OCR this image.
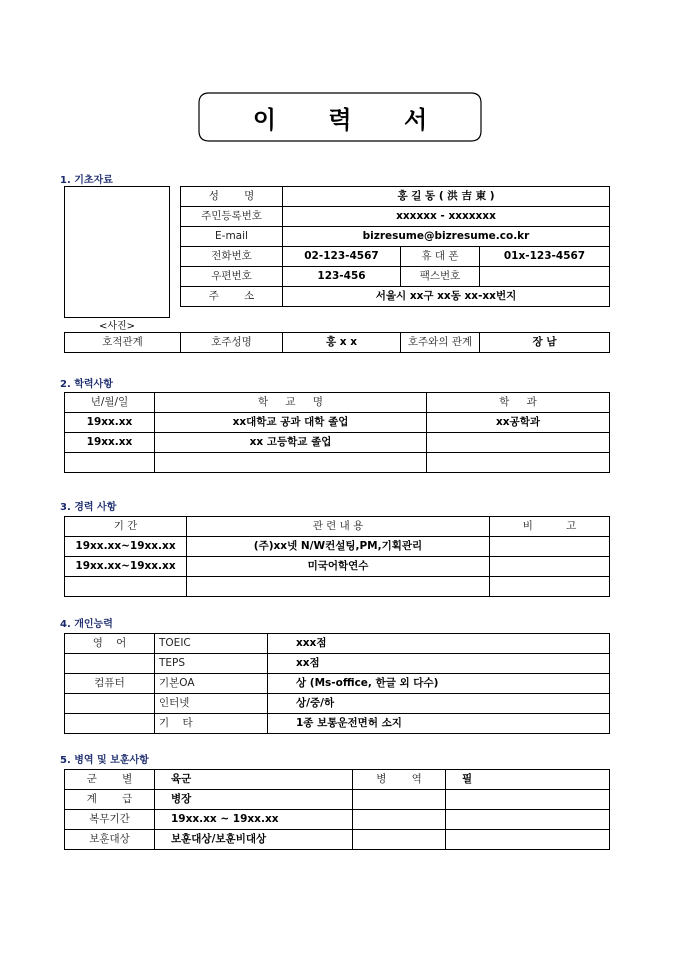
이 력 서
1. 기초자료
<사진>
성 명	홍 길 동 ( 洪 吉 東 )		
주민등록번호	xxxxxx - xxxxxxx		
E-mail	bizresume@bizresume.co.kr		
전화번호	02-123-4567	휴 대 폰	01x-123-4567
우편번호	123-456	팩스번호	
주 소	서울시 xx구 xx동 xx-xx번지		
호적관계	호주성명	홍 x x	호주와의 관계	장 남
2. 학력사항
년/월/일	학 교 명	학 과
19xx.xx	xx대학교 공과 대학 졸업	xx공학과
19xx.xx	xx 고등학교 졸업	

3. 경력 사항
기 간	관 련 내 용	비 고
19xx.xx~19xx.xx	(주)xx넷 N/W컨설팅,PM,기획관리	
19xx.xx~19xx.xx	미국어학연수	

4. 개인능력
영 어	TOEIC	xxx점
	TEPS	xx점
컴퓨터	기본OA	상 (Ms-office, 한글 외 다수)
	인터넷	상/중/하
	기 타	1종 보통운전면허 소지
5. 병역 및 보훈사항
군 별	육군	병 역	필
계 급	병장		
복무기간	19xx.xx ~ 19xx.xx		
보훈대상	보훈대상/보훈비대상		
